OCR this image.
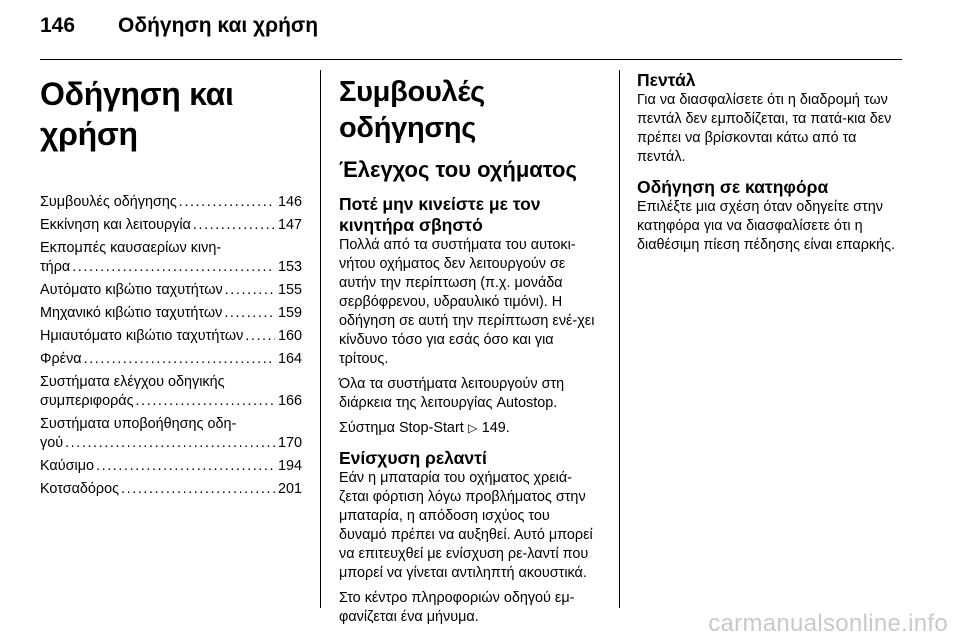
146	Οδήγηση και χρήση
Οδήγηση και χρήση
Συμβουλές οδήγησης . . .	146
Εκκίνηση και λειτουργία . . .	147
Εκπομπές καυσαερίων κινη-
τήρα . . .	153
Αυτόματο κιβώτιο ταχυτήτων . . .	155
Μηχανικό κιβώτιο ταχυτήτων . . .	159
Ημιαυτόματο κιβώτιο ταχυτήτων . . . 160
Φρένα . . .	164
Συστήματα ελέγχου οδηγικής
συμπεριφοράς . . .	166
Συστήματα υποβοήθησης οδη-
γού . . .	170
Καύσιμο . . .	194
Κοτσαδόρος . . .	201
Συμβουλές οδήγησης
Έλεγχος του οχήματος
Ποτέ μην κινείστε με τον κινητήρα σβηστό

Πολλά από τα συστήματα του αυτοκι-νήτου οχήματος δεν λειτουργούν σε αυτήν την περίπτωση (π.χ. μονάδα σερβόφρενου, υδραυλικό τιμόνι). Η οδήγηση σε αυτή την περίπτωση ενέ-χει κίνδυνο τόσο για εσάς όσο και για τρίτους.

Όλα τα συστήματα λειτουργούν στη διάρκεια της λειτουργίας Autostop.

Σύστημα Stop-Start ▷ 149.

Ενίσχυση ρελαντί

Εάν η μπαταρία του οχήματος χρειά-ζεται φόρτιση λόγω προβλήματος στην μπαταρία, η απόδοση ισχύος του δυναμό πρέπει να αυξηθεί. Αυτό μπορεί να επιτευχθεί με ενίσχυση ρε-λαντί που μπορεί να γίνεται αντιληπτή ακουστικά.

Στο κέντρο πληροφοριών οδηγού εμ-φανίζεται ένα μήνυμα.

Πεντάλ

Για να διασφαλίσετε ότι η διαδρομή των πεντάλ δεν εμποδίζεται, τα πατά-κια δεν πρέπει να βρίσκονται κάτω από τα πεντάλ.

Οδήγηση σε κατηφόρα

Επιλέξτε μια σχέση όταν οδηγείτε στην κατηφόρα για να διασφαλίσετε ότι η διαθέσιμη πίεση πέδησης είναι επαρκής.

carmanualsonline.info
